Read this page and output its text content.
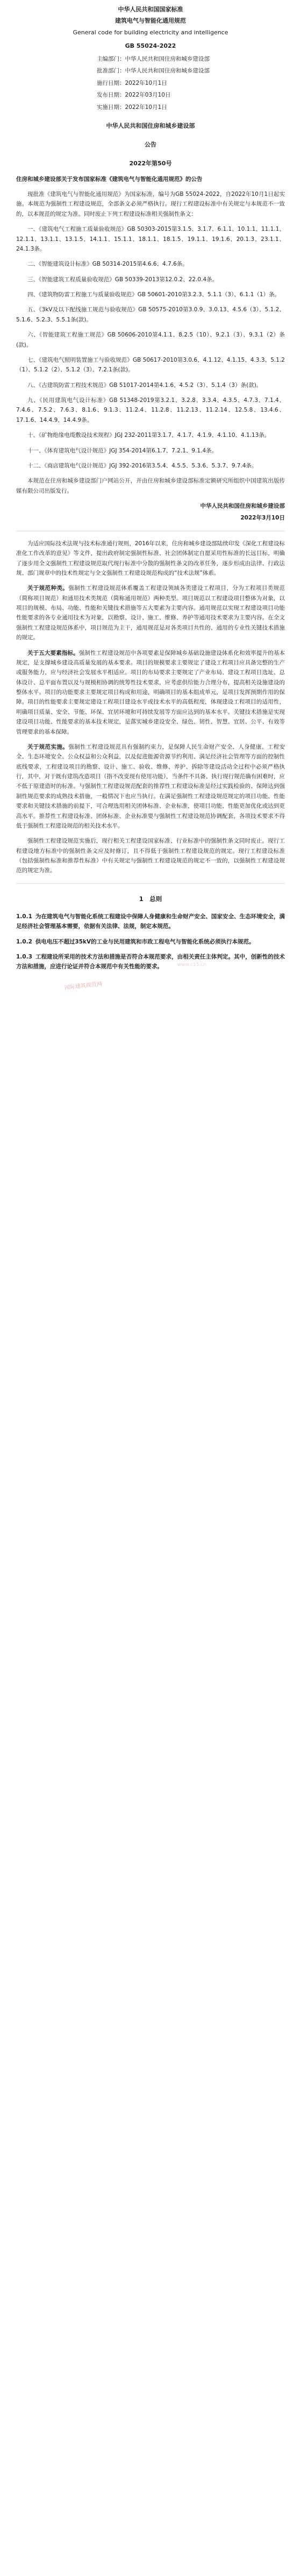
中华人民共和国国家标准
建筑电气与智能化通用规范
General code for building electricity and intelligence
GB 55024-2022
主编部门：中华人民共和国住房和城乡建设部
批准部门：中华人民共和国住房和城乡建设部
施行日期：2022年10月1日
发布日期：2022年03月10日
实施日期：2022年10月1日
中华人民共和国住房和城乡建设部
公告
2022年第50号
住房和城乡建设部关于发布国家标准《建筑电气与智能化通用规范》的公告

现批准《建筑电气与智能化通用规范》为国家标准，编号为GB 55024-2022，自2022年10月1日起实施。本规范为强制性工程建设规范，全部条文必须严格执行。现行工程建设标准中有关规定与本规范不一致的，以本规范的规定为准。同时废止下列工程建设标准相关强制性条文：

一、《建筑电气工程施工质量验收规范》GB 50303-2015第3.1.5、3.1.7、6.1.1、10.1.1、11.1.1、12.1.1、13.1.1、13.1.5、14.1.1、15.1.1、18.1.1、18.1.5、19.1.1、19.1.6、20.1.3、23.1.1、24.1.3条。

二、《智能建筑设计标准》GB 50314-2015第4.6.6、4.7.6条。

三、《智能建筑工程质量验收规范》GB 50339-2013第12.0.2、22.0.4条。

四、《建筑物防雷工程施工与质量验收规范》GB 50601-2010第3.2.3、5.1.1（3）、6.1.1（1）条。

五、《3kV及以下配线施工规范与验收规范》GB 50575-2010第3.0.9、3.0.13、4.5.6（3）、5.1.2、5.1.6、5.2.3、5.5.1条(款)。

六、《智能建筑工程施工规范》GB 50606-2010第4.1.1、8.2.5（10）、9.2.1（3）、9.3.1（2）条(款)。

七、《建筑电气照明装置施工与验收规范》GB 50617-2010第3.0.6、4.1.12、4.1.15、4.3.3、5.1.2（1）、5.1.2（2）、5.1.2（3）、7.2.1条(款)。

八、《古建筑防雷工程技术规范》GB 51017-2014第4.1.6、4.5.2（3）、5.1.4（3）条(款)。

九、《民用建筑电气设计标准》GB 51348-2019第3.2.1、3.2.8、3.3.4、4.3.5、4.7.3、7.1.4、7.4.6、7.5.2、7.6.3、8.1.6、9.1.3、11.2.4、11.2.8、11.2.13、11.2.14、12.5.8、13.4.6、17.1.6、14.4.9、14.4.9条。

十、《矿物绝缘电缆敷设技术规程》JGJ 232-2011第3.1.7、4.1.7、4.1.9、4.1.10、4.1.13条。

十一、《体育建筑电气设计规范》JGJ 354-2014第6.1.7、7.2.1、9.1.4条。

十二、《商店建筑电气设计规范》JGJ 392-2016第3.5.4、4.5.5、5.3.6、5.3.7、9.7.4条。

本规范在住房和城乡建设部门户网站公开，并由住房和城乡建设部标准定额研究所组织中国建筑出版传媒有限公司出版发行。

中华人民共和国住房和城乡建设部
2022年3月10日

为适应国际技术法规与技术标准通行规则，2016年以来，住房和城乡建设部陆续印发《深化工程建设标准化工作改革的意见》等文件，提出政府制定强制性标准、社会团体制定自愿采用性标准的长远目标，明确了逐步用全文强制性工程建设规范取代现行标准中分散的强制性条文的改革任务，逐步形成由法律、行政法规、部门规章中的技术性规定与全文强制性工程建设规范构成的“技术法规”体系。

关于规范种类。强制性工程建设规范体系覆盖工程建设领域各类建设工程项目，分为工程项目类规范（简称项目规范）和通用技术类规范（简称通用规范）两种类型。项目规范以工程建设项目整体为对象，以项目的规模、布局、功能、性能和关键技术措施等五大要素为主要内容。通用规范以实现工程建设项目功能性能要求的各专业通用技术为对象，以勘察、设计、施工、维修、养护等通用技术要求为主要内容。在全文强制性工程建设规范体系中，项目规范为主干，通用规范是对各类项目共性的、通用的专业性关键技术措施的规定。

关于五大要素指标。强制性工程建设规范中各项要素是保障城乡基础设施建设体系化和效率提升的基本规定，是支撑城乡建设高质量发展的基本要求。项目的规模要求主要规定了建设工程项目应具备完整的生产或服务能力，应与经济社会发展水平相适应。项目的布局要求主要规定了产业布局、建设工程项目选址、总体设计、总平面布置以及与规模相协调的统筹性技术要求，应考虑供给能力合理分布，提高相关设施建设的整体水平。项目的功能要求主要规定项目构成和用途，明确项目的基本组成单元，是项目发挥预期作用的保障。项目的性能要求主要规定建设工程项目建设水平或技术水平的高低程度，体现建设工程项目的适用性，明确项目质量、安全、节能、环保、宜居环境和可持续发展等方面应达到的基本水平。关键技术措施是实现建设项目功能、性能要求的基本技术规定，是落实城乡建设安全、绿色、韧性、智慧、宜居、公平、有效等管理要求的基本保障。

关于规范实施。强制性工程建设规范具有强制约束力，是保障人民生命财产安全、人身健康、工程安全、生态环境安全、公众权益和公众利益，以及促进能源资源节约利用、满足经济社会管理等方面的控制性底线要求，工程建设项目的勘察、设计、施工、验收、维修、养护、拆除等建设活动全过程中必须严格执行，其中，对于既有建筑改造项目（指不改变现有使用功能），当条件不具备、执行现行规范确有困难时，应不低于原建造时的标准。与强制性工程建设规范配套的推荐性工程建设标准是经过实践检验的、保障达到强制性规范要求的成熟技术措施，一般情况下也应当执行。在满足强制性工程建设规范规定的项目功能、性能要求和关键技术措施的前提下，可合理选用相关团体标准、企业标准，使项目功能、性能更加优化或达到更高水平。推荐性工程建设标准、团体标准、企业标准要与强制性工程建设规范协调配套，各项技术要求不得低于强制性工程建设规范的相关技术水平。

强制性工程建设规范实施后，现行相关工程建设国家标准、行业标准中的强制性条文同时废止。现行工程建设地方标准中的强制性条文应及时修订，且不得低于强制性工程建设规范的规定。现行工程建设标准（包括强制性标准和推荐性标准）中有关规定与强制性工程建设规范的规定不一致的，以强制性工程建设规范的规定为准。

1　总则
1.0.1 为在建筑电气与智能化系统工程建设中保障人身健康和生命财产安全、国家安全、生态环境安全，满足经济社会管理基本需要，依据有关法律、法规，制定本规范。
1.0.2 供电电压不超过35kV的工业与民用建筑和市政工程电气与智能化系统必须执行本规范。
1.0.3 工程建设所采用的技术方法和措施是否符合本规范要求，由相关责任主体判定。其中，创新性的技术方法和措施，应进行论证并符合本规范中有关性能的要求。	www.c15.cn
国际建筑规范网
